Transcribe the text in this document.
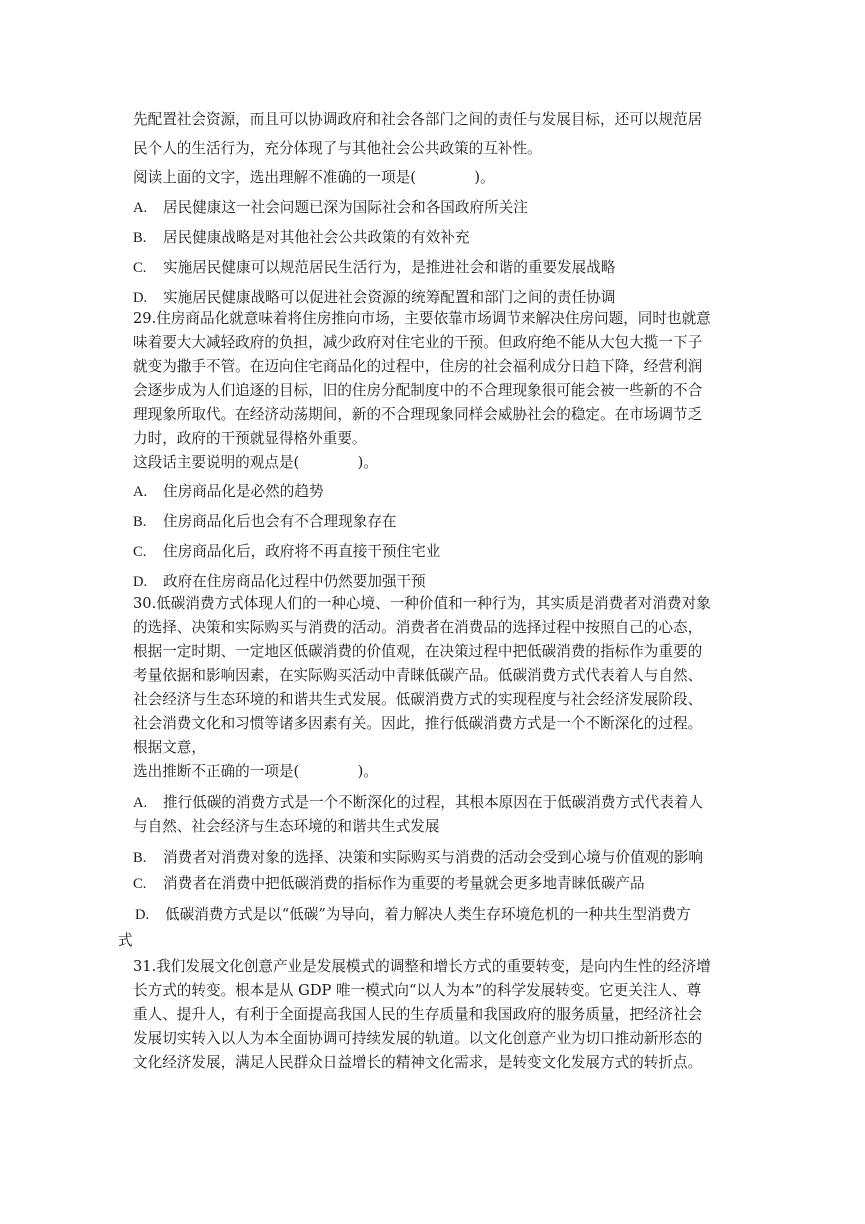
先配置社会资源，而且可以协调政府和社会各部门之间的责任与发展目标，还可以规范居
民个人的生活行为，充分体现了与其他社会公共政策的互补性。
阅读上面的文字，选出理解不准确的一项是(　　　　)。
A. 居民健康这一社会问题已深为国际社会和各国政府所关注
B. 居民健康战略是对其他社会公共政策的有效补充
C. 实施居民健康可以规范居民生活行为，是推进社会和谐的重要发展战略
D. 实施居民健康战略可以促进社会资源的统筹配置和部门之间的责任协调
29.住房商品化就意味着将住房推向市场，主要依靠市场调节来解决住房问题，同时也就意
味着要大大减轻政府的负担，减少政府对住宅业的干预。但政府绝不能从大包大揽一下子
就变为撒手不管。在迈向住宅商品化的过程中，住房的社会福利成分日趋下降，经营利润
会逐步成为人们追逐的目标，旧的住房分配制度中的不合理现象很可能会被一些新的不合
理现象所取代。在经济动荡期间，新的不合理现象同样会威胁社会的稳定。在市场调节乏
力时，政府的干预就显得格外重要。
这段话主要说明的观点是(　　　　)。
A. 住房商品化是必然的趋势
B. 住房商品化后也会有不合理现象存在
C. 住房商品化后，政府将不再直接干预住宅业
D. 政府在住房商品化过程中仍然要加强干预
30.低碳消费方式体现人们的一种心境、一种价值和一种行为，其实质是消费者对消费对象
的选择、决策和实际购买与消费的活动。消费者在消费品的选择过程中按照自己的心态，
根据一定时期、一定地区低碳消费的价值观，在决策过程中把低碳消费的指标作为重要的
考量依据和影响因素，在实际购买活动中青睐低碳产品。低碳消费方式代表着人与自然、
社会经济与生态环境的和谐共生式发展。低碳消费方式的实现程度与社会经济发展阶段、
社会消费文化和习惯等诸多因素有关。因此，推行低碳消费方式是一个不断深化的过程。
根据文意，
选出推断不正确的一项是(　　　　)。
A. 推行低碳的消费方式是一个不断深化的过程，其根本原因在于低碳消费方式代表着人
与自然、社会经济与生态环境的和谐共生式发展
B. 消费者对消费对象的选择、决策和实际购买与消费的活动会受到心境与价值观的影响
C. 消费者在消费中把低碳消费的指标作为重要的考量就会更多地青睐低碳产品
D. 低碳消费方式是以“低碳”为导向，着力解决人类生存环境危机的一种共生型消费方
式
31.我们发展文化创意产业是发展模式的调整和增长方式的重要转变，是向内生性的经济增
长方式的转变。根本是从 GDP 唯一模式向“以人为本”的科学发展转变。它更关注人、尊
重人、提升人，有利于全面提高我国人民的生存质量和我国政府的服务质量，把经济社会
发展切实转入以人为本全面协调可持续发展的轨道。以文化创意产业为切口推动新形态的
文化经济发展，满足人民群众日益增长的精神文化需求，是转变文化发展方式的转折点。
